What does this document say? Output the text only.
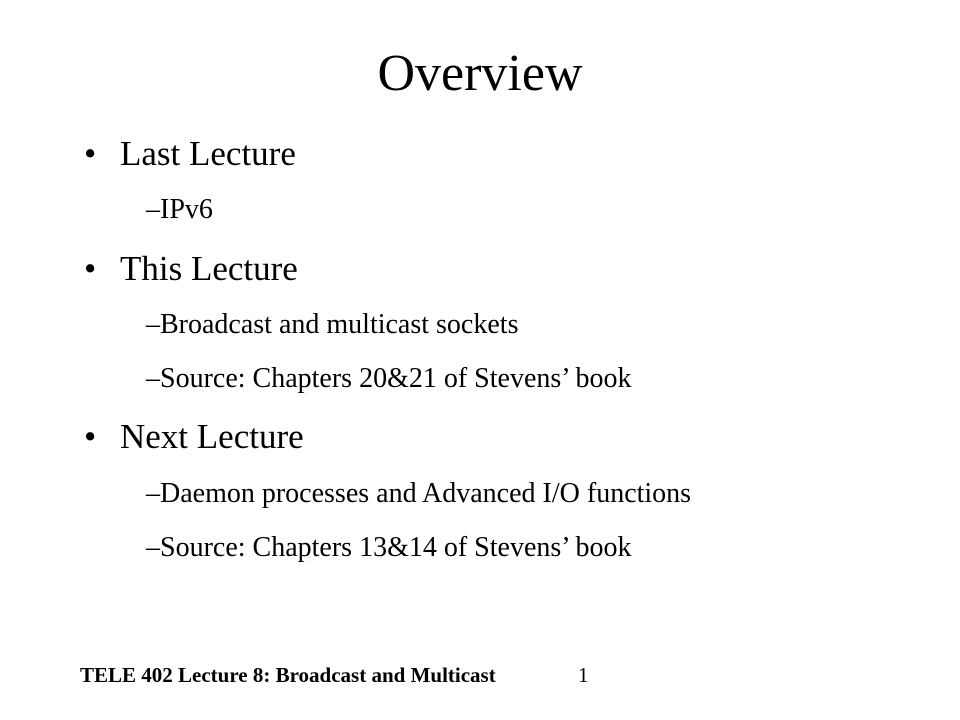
Overview
• Last Lecture
–IPv6
• This Lecture
–Broadcast and multicast sockets
–Source: Chapters 20&21 of Stevens’ book
• Next Lecture
–Daemon processes and Advanced I/O functions
–Source: Chapters 13&14 of Stevens’ book
TELE 402 Lecture 8: Broadcast and Multicast	1
